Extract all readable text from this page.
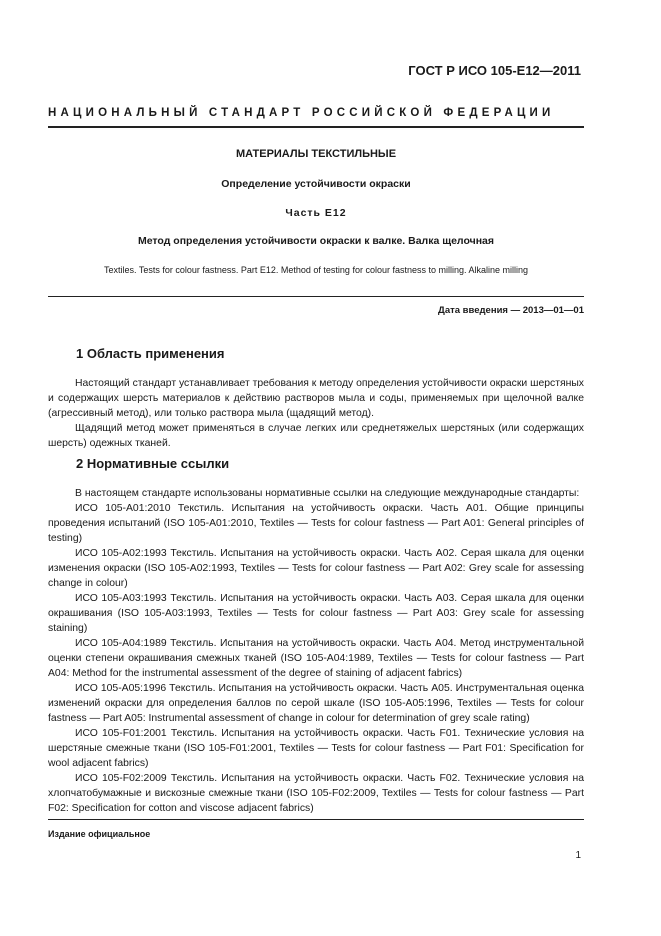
ГОСТ Р ИСО 105-E12—2011
НАЦИОНАЛЬНЫЙ СТАНДАРТ РОССИЙСКОЙ ФЕДЕРАЦИИ
МАТЕРИАЛЫ ТЕКСТИЛЬНЫЕ
Определение устойчивости окраски
Часть Е12
Метод определения устойчивости окраски к валке. Валка щелочная
Textiles. Tests for colour fastness. Part E12. Method of testing for colour fastness to milling. Alkaline milling
Дата введения — 2013—01—01
1 Область применения

Настоящий стандарт устанавливает требования к методу определения устойчивости окраски шерстяных и содержащих шерсть материалов к действию растворов мыла и соды, применяемых при щелочной валке (агрессивный метод), или только раствора мыла (щадящий метод).

Щадящий метод может применяться в случае легких или среднетяжелых шерстяных (или содержащих шерсть) одежных тканей.

2 Нормативные ссылки

В настоящем стандарте использованы нормативные ссылки на следующие международные стандарты:

ИСО 105-A01:2010 Текстиль. Испытания на устойчивость окраски. Часть А01. Общие принципы проведения испытаний (ISO 105-A01:2010, Textiles — Tests for colour fastness — Part A01: General principles of testing)

ИСО 105-A02:1993 Текстиль. Испытания на устойчивость окраски. Часть А02. Серая шкала для оценки изменения окраски (ISO 105-A02:1993, Textiles — Tests for colour fastness — Part A02: Grey scale for assessing change in colour)

ИСО 105-A03:1993 Текстиль. Испытания на устойчивость окраски. Часть А03. Серая шкала для оценки окрашивания (ISO 105-A03:1993, Textiles — Tests for colour fastness — Part A03: Grey scale for assessing staining)

ИСО 105-A04:1989 Текстиль. Испытания на устойчивость окраски. Часть А04. Метод инструментальной оценки степени окрашивания смежных тканей (ISO 105-A04:1989, Textiles — Tests for colour fastness — Part A04: Method for the instrumental assessment of the degree of staining of adjacent fabrics)

ИСО 105-A05:1996 Текстиль. Испытания на устойчивость окраски. Часть А05. Инструментальная оценка изменений окраски для определения баллов по серой шкале (ISO 105-A05:1996, Textiles — Tests for colour fastness — Part A05: Instrumental assessment of change in colour for determination of grey scale rating)

ИСО 105-F01:2001 Текстиль. Испытания на устойчивость окраски. Часть F01. Технические условия на шерстяные смежные ткани (ISO 105-F01:2001, Textiles — Tests for colour fastness — Part F01: Specification for wool adjacent fabrics)

ИСО 105-F02:2009 Текстиль. Испытания на устойчивость окраски. Часть F02. Технические условия на хлопчатобумажные и вискозные смежные ткани (ISO 105-F02:2009, Textiles — Tests for colour fastness — Part F02: Specification for cotton and viscose adjacent fabrics)

Издание официальное
1
